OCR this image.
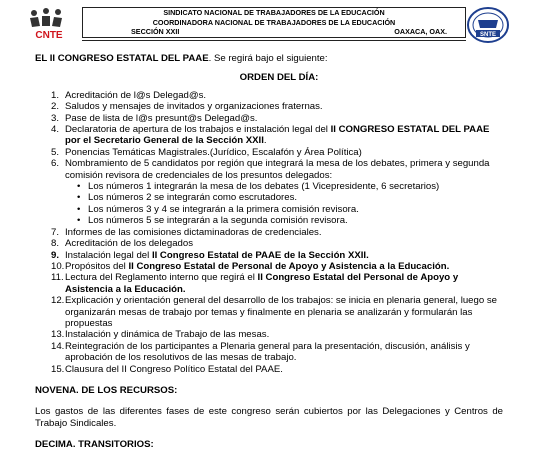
CNTE
SINDICATO NACIONAL DE TRABAJADORES DE LA EDUCACIÓN
COORDINADORA NACIONAL DE TRABAJADORES DE LA EDUCACIÓN
SECCIÓN XXII	OAXACA, OAX.	SNTE

EL II CONGRESO ESTATAL DEL PAAE. Se regirá bajo el siguiente:

ORDEN DEL DÍA:
1. Acreditación de l@s Delegad@s.
2. Saludos y mensajes de invitados y organizaciones fraternas.
3. Pase de lista de l@s presunt@s Delegad@s.
4. Declaratoria de apertura de los trabajos e instalación legal del II CONGRESO ESTATAL DEL PAAE por el Secretario General de la Sección XXII.
5. Ponencias Temáticas Magistrales.(Jurídico, Escalafón y Área Política)
6. Nombramiento de 5 candidatos por región que integrará la mesa de los debates, primera y segunda comisión revisora de credenciales de los presuntos delegados:
• Los números 1 integrarán la mesa de los debates (1 Vicepresidente, 6 secretarios)
• Los números 2 se integrarán como escrutadores.
• Los números 3 y 4 se integrarán a la primera comisión revisora.
• Los números 5 se integrarán a la segunda comisión revisora.
7. Informes de las comisiones dictaminadoras de credenciales.
8. Acreditación de los delegados
9. Instalación legal del II Congreso Estatal de PAAE de la Sección XXII.
10. Propósitos del II Congreso Estatal de Personal de Apoyo y Asistencia a la Educación.
11. Lectura del Reglamento interno que regirá el II Congreso Estatal del Personal de Apoyo y Asistencia a la Educación.
12. Explicación y orientación general del desarrollo de los trabajos: se inicia en plenaria general, luego se organizarán mesas de trabajo por temas y finalmente en plenaria se analizarán y formularán las propuestas
13. Instalación y dinámica de Trabajo de las mesas.
14. Reintegración de los participantes a Plenaria general para la presentación, discusión, análisis y aprobación de los resolutivos de las mesas de trabajo.
15. Clausura del II Congreso Político Estatal del PAAE.
NOVENA. DE LOS RECURSOS:
Los gastos de las diferentes fases de este congreso serán cubiertos por las Delegaciones y Centros de Trabajo Sindicales.
DECIMA. TRANSITORIOS:
